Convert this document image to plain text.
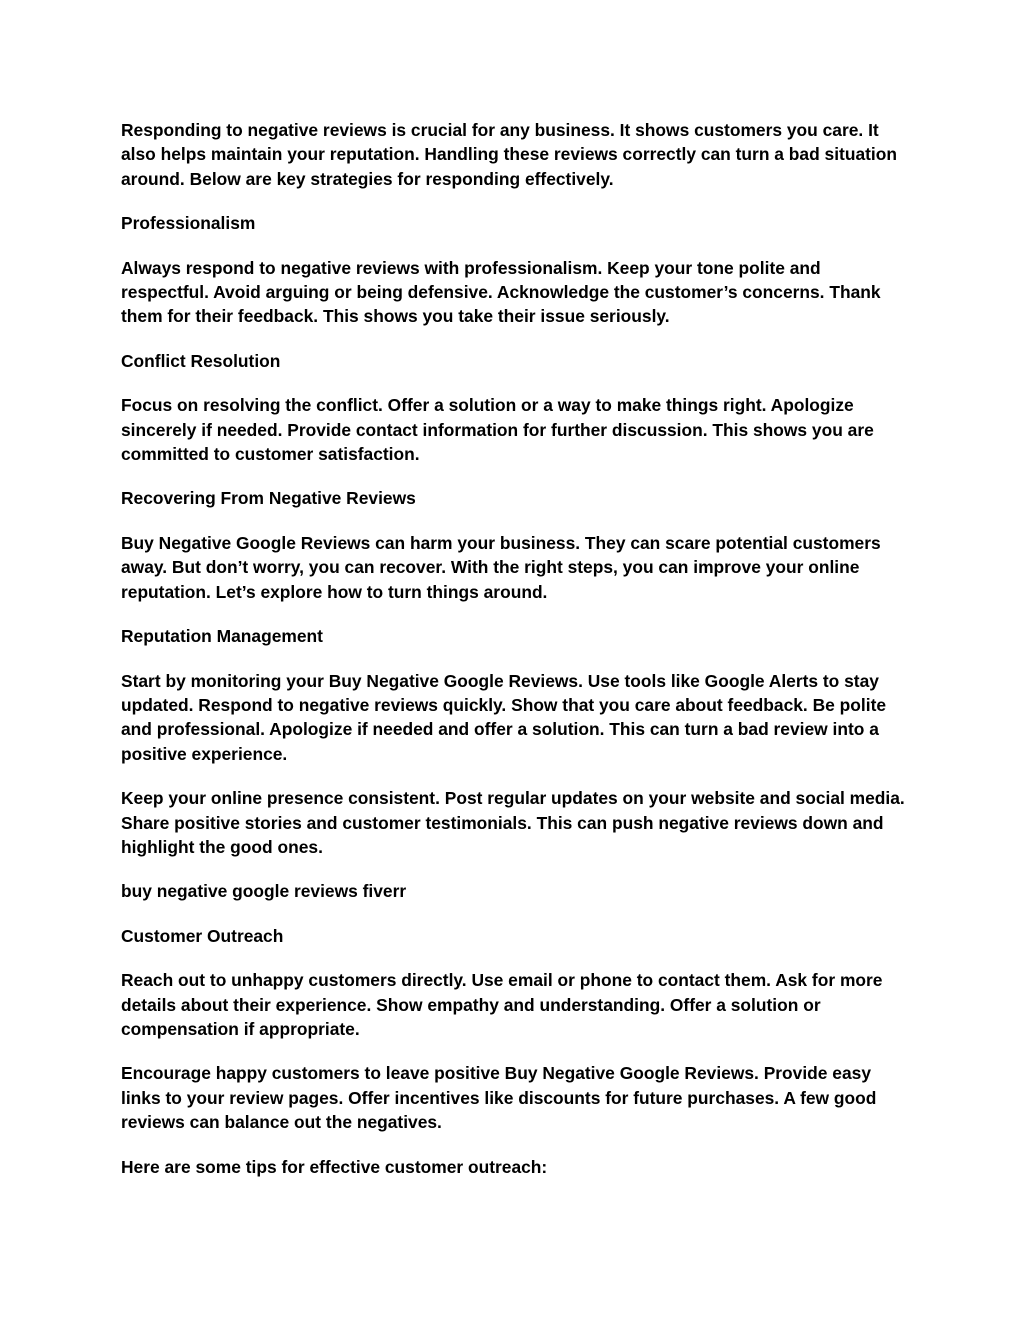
Responding to negative reviews is crucial for any business. It shows customers you care. It also helps maintain your reputation. Handling these reviews correctly can turn a bad situation around. Below are key strategies for responding effectively.

Professionalism

Always respond to negative reviews with professionalism. Keep your tone polite and respectful. Avoid arguing or being defensive. Acknowledge the customer’s concerns. Thank them for their feedback. This shows you take their issue seriously.

Conflict Resolution

Focus on resolving the conflict. Offer a solution or a way to make things right. Apologize sincerely if needed. Provide contact information for further discussion. This shows you are committed to customer satisfaction.

Recovering From Negative Reviews

Buy Negative Google Reviews can harm your business. They can scare potential customers away. But don’t worry, you can recover. With the right steps, you can improve your online reputation. Let’s explore how to turn things around.

Reputation Management

Start by monitoring your Buy Negative Google Reviews. Use tools like Google Alerts to stay updated. Respond to negative reviews quickly. Show that you care about feedback. Be polite and professional. Apologize if needed and offer a solution. This can turn a bad review into a positive experience.

Keep your online presence consistent. Post regular updates on your website and social media. Share positive stories and customer testimonials. This can push negative reviews down and highlight the good ones.

buy negative google reviews fiverr

Customer Outreach

Reach out to unhappy customers directly. Use email or phone to contact them. Ask for more details about their experience. Show empathy and understanding. Offer a solution or compensation if appropriate.

Encourage happy customers to leave positive Buy Negative Google Reviews. Provide easy links to your review pages. Offer incentives like discounts for future purchases. A few good reviews can balance out the negatives.

Here are some tips for effective customer outreach:
